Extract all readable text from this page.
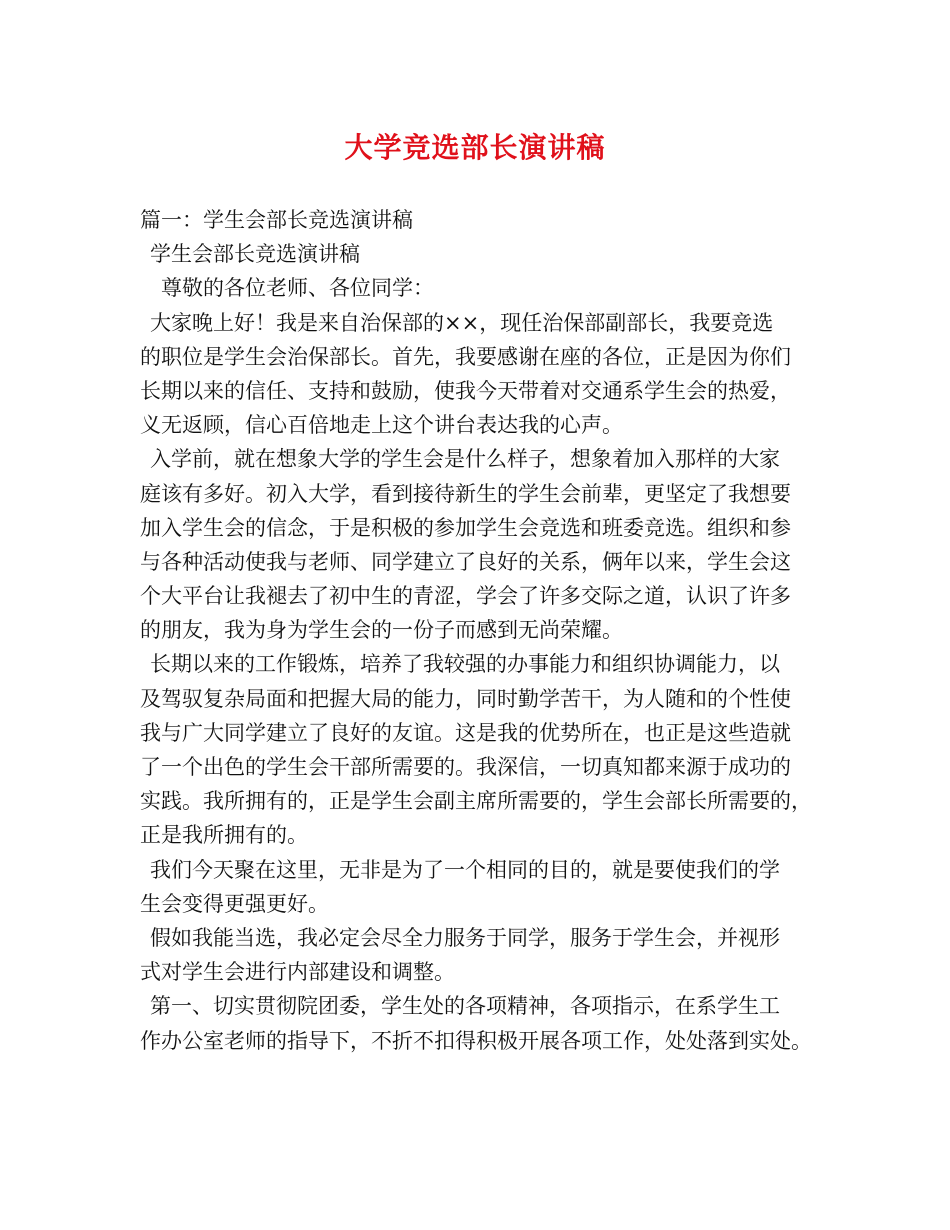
大学竞选部长演讲稿
篇一：学生会部长竞选演讲稿
学生会部长竞选演讲稿
尊敬的各位老师、各位同学：
大家晚上好！我是来自治保部的××，现任治保部副部长，我要竞选
的职位是学生会治保部长。首先，我要感谢在座的各位，正是因为你们
长期以来的信任、支持和鼓励，使我今天带着对交通系学生会的热爱，
义无返顾，信心百倍地走上这个讲台表达我的心声。
入学前，就在想象大学的学生会是什么样子，想象着加入那样的大家
庭该有多好。初入大学，看到接待新生的学生会前辈，更坚定了我想要
加入学生会的信念，于是积极的参加学生会竞选和班委竞选。组织和参
与各种活动使我与老师、同学建立了良好的关系，俩年以来，学生会这
个大平台让我褪去了初中生的青涩，学会了许多交际之道，认识了许多
的朋友，我为身为学生会的一份子而感到无尚荣耀。
长期以来的工作锻炼，培养了我较强的办事能力和组织协调能力，以
及驾驭复杂局面和把握大局的能力，同时勤学苦干，为人随和的个性使
我与广大同学建立了良好的友谊。这是我的优势所在，也正是这些造就
了一个出色的学生会干部所需要的。我深信，一切真知都来源于成功的
实践。我所拥有的，正是学生会副主席所需要的，学生会部长所需要的，
正是我所拥有的。
我们今天聚在这里，无非是为了一个相同的目的，就是要使我们的学
生会变得更强更好。
假如我能当选，我必定会尽全力服务于同学，服务于学生会，并视形
式对学生会进行内部建设和调整。
第一、切实贯彻院团委，学生处的各项精神，各项指示，在系学生工
作办公室老师的指导下，不折不扣得积极开展各项工作，处处落到实处。
